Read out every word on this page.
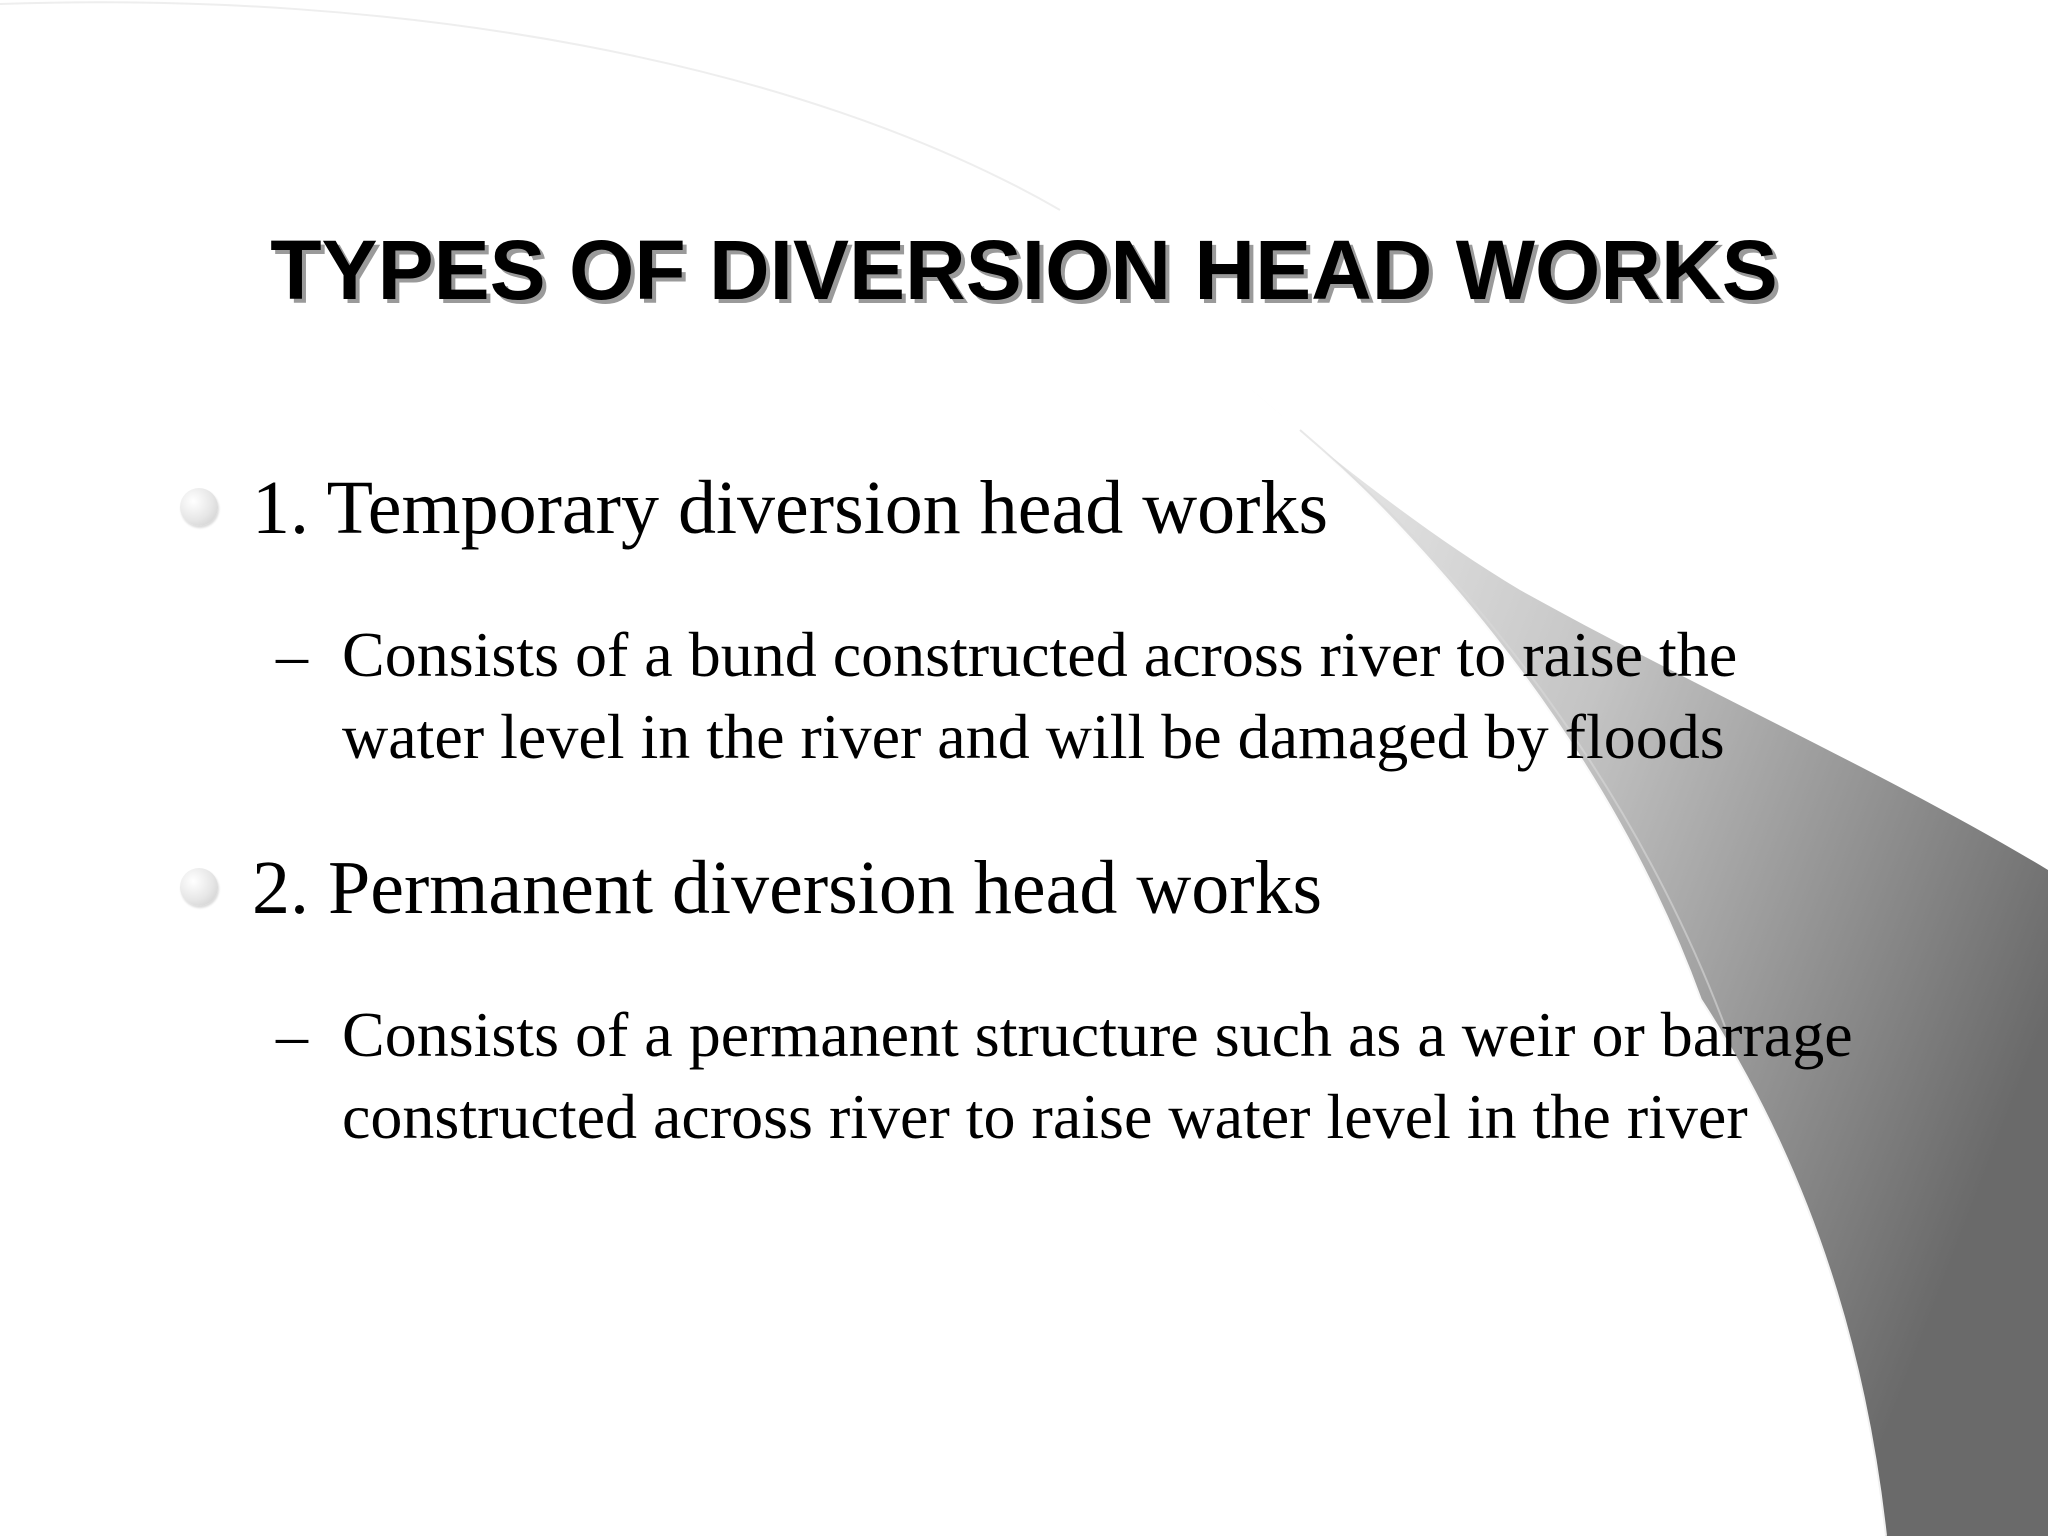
TYPES OF DIVERSION HEAD WORKS
1. Temporary diversion head works
– Consists of a bund constructed across river to raise the water level in the river and will be damaged by floods
2. Permanent diversion head works
– Consists of a permanent structure such as a weir or barrage constructed across river to raise water level in the river
